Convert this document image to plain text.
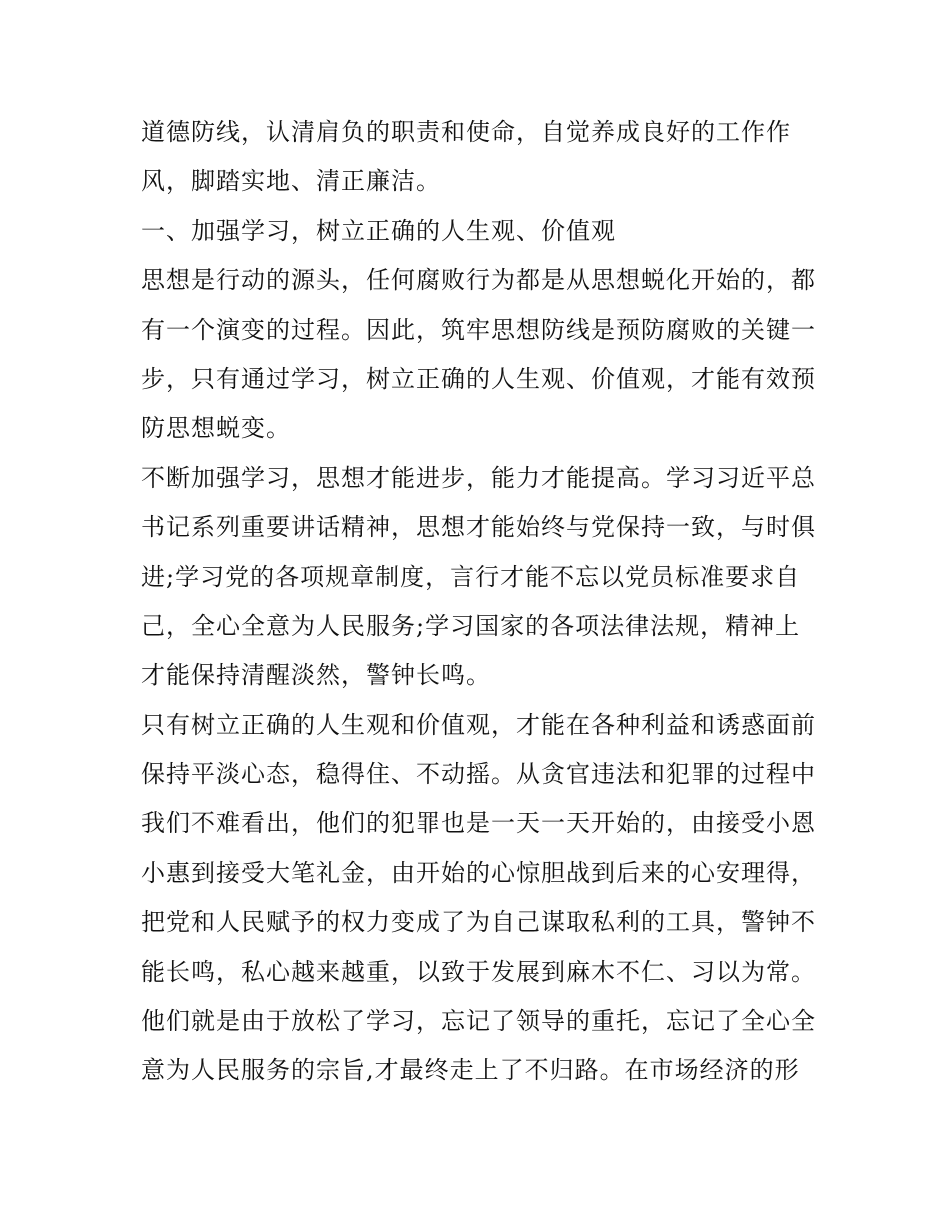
道德防线，认清肩负的职责和使命，自觉养成良好的工作作
风，脚踏实地、清正廉洁。
一、加强学习，树立正确的人生观、价值观
思想是行动的源头，任何腐败行为都是从思想蜕化开始的，都
有一个演变的过程。因此，筑牢思想防线是预防腐败的关键一
步，只有通过学习，树立正确的人生观、价值观，才能有效预
防思想蜕变。
不断加强学习，思想才能进步，能力才能提高。学习习近平总
书记系列重要讲话精神，思想才能始终与党保持一致，与时俱
进;学习党的各项规章制度，言行才能不忘以党员标准要求自
己，全心全意为人民服务;学习国家的各项法律法规，精神上
才能保持清醒淡然，警钟长鸣。
只有树立正确的人生观和价值观，才能在各种利益和诱惑面前
保持平淡心态，稳得住、不动摇。从贪官违法和犯罪的过程中
我们不难看出，他们的犯罪也是一天一天开始的，由接受小恩
小惠到接受大笔礼金，由开始的心惊胆战到后来的心安理得，
把党和人民赋予的权力变成了为自己谋取私利的工具，警钟不
能长鸣，私心越来越重，以致于发展到麻木不仁、习以为常。
他们就是由于放松了学习，忘记了领导的重托，忘记了全心全
意为人民服务的宗旨,才最终走上了不归路。在市场经济的形
